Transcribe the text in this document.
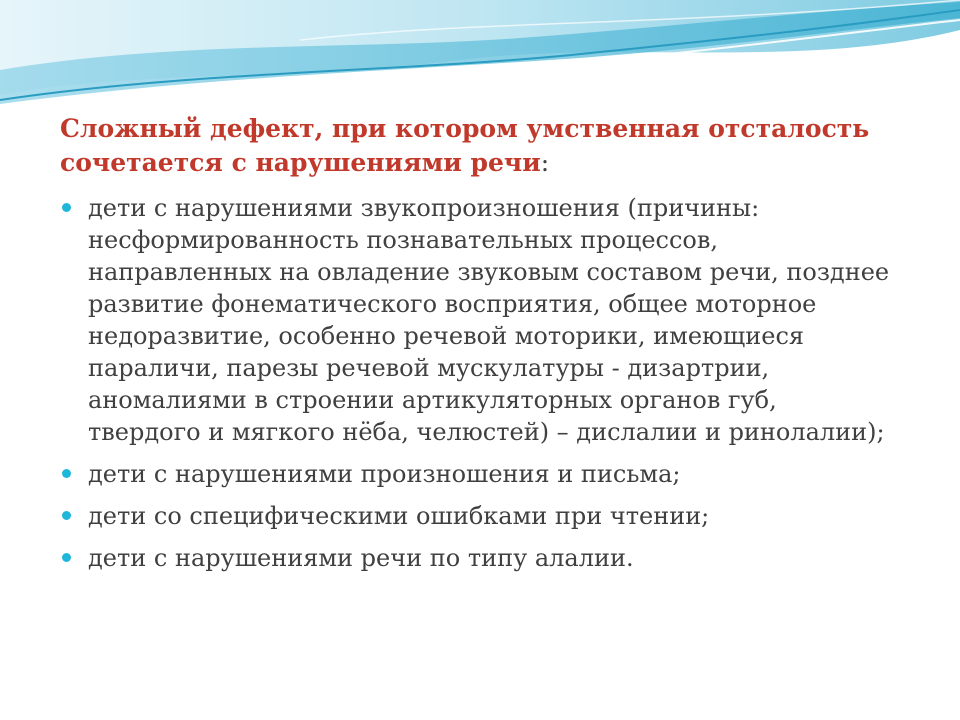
Сложный дефект, при котором умственная отсталость сочетается с нарушениями речи:

дети с нарушениями звукопроизношения (причины: несформированность познавательных процессов, направленных на овладение звуковым составом речи, позднее развитие фонематического восприятия, общее моторное недоразвитие, особенно речевой моторики, имеющиеся параличи, парезы речевой мускулатуры - дизартрии, аномалиями в строении артикуляторных органов губ, твердого и мягкого нёба, челюстей) – дислалии и ринолалии);
дети с нарушениями произношения и письма;
дети со специфическими ошибками при чтении;
дети с нарушениями речи по типу алалии.
